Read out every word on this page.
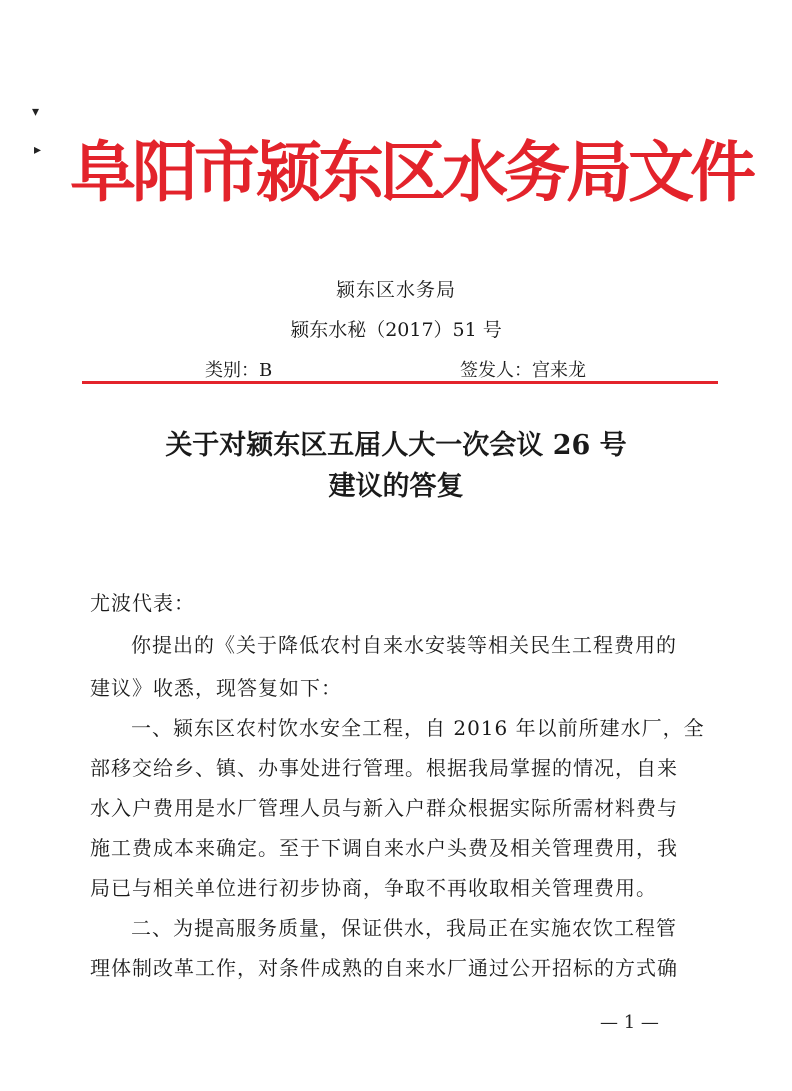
▾
▸ 阜阳市颍东区水务局文件
颍东区水务局
颍东水秘（2017）51 号
类别：B	签发人：宫来龙
关于对颍东区五届人大一次会议 26 号
建议的答复
尤波代表：
你提出的《关于降低农村自来水安装等相关民生工程费用的
建议》收悉，现答复如下：
一、颍东区农村饮水安全工程，自 2016 年以前所建水厂，全
部移交给乡、镇、办事处进行管理。根据我局掌握的情况，自来
水入户费用是水厂管理人员与新入户群众根据实际所需材料费与
施工费成本来确定。至于下调自来水户头费及相关管理费用，我
局已与相关单位进行初步协商，争取不再收取相关管理费用。
二、为提高服务质量，保证供水，我局正在实施农饮工程管
理体制改革工作，对条件成熟的自来水厂通过公开招标的方式确
— 1 —
